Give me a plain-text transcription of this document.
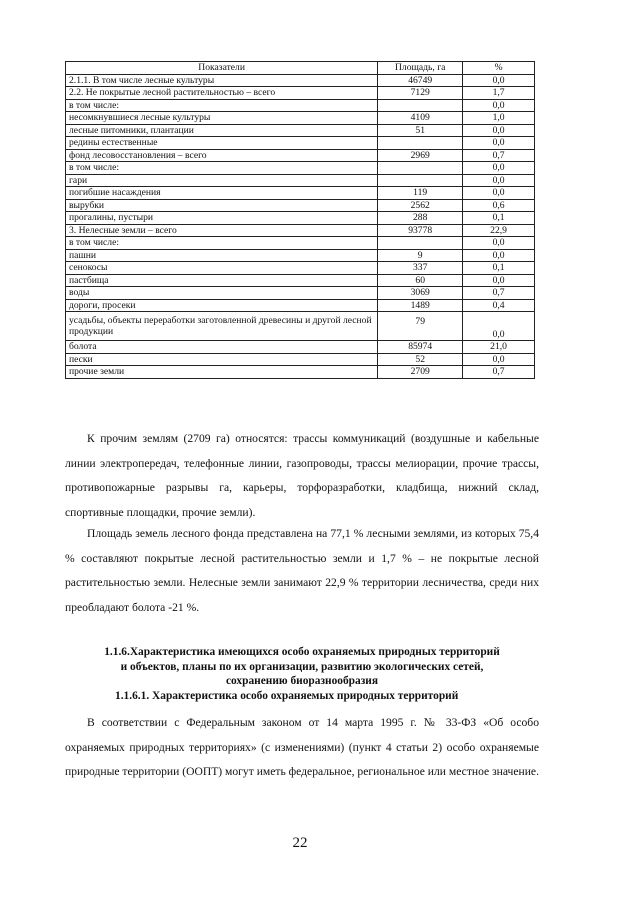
Показатели	Площадь, га	%
2.1.1. В том числе лесные культуры	46749	0,0
2.2. Не покрытые лесной растительностью – всего	7129	1,7
в том числе:		0,0
несомкнувшиеся лесные культуры	4109	1,0
лесные питомники, плантации	51	0,0
редины естественные		0,0
фонд лесовосстановления – всего	2969	0,7
в том числе:		0,0
гари		0,0
погибшие насаждения	119	0,0
вырубки	2562	0,6
прогалины, пустыри	288	0,1
3. Нелесные земли – всего	93778	22,9
в том числе:		0,0
пашни	9	0,0
сенокосы	337	0,1
пастбища	60	0,0
воды	3069	0,7
дороги, просеки	1489	0,4
усадьбы, объекты переработки заготовленной древесины и другой лесной продукции	79	0,0
болота	85974	21,0
пески	52	0,0
прочие земли	2709	0,7

К прочим землям (2709 га) относятся: трассы коммуникаций (воздушные и кабельные линии электропередач, телефонные линии, газопроводы, трассы мелиорации, прочие трассы, противопожарные разрывы га, карьеры, торфоразработки, кладбища, нижний склад, спортивные площадки, прочие земли).

Площадь земель лесного фонда представлена на 77,1 % лесными землями, из которых 75,4 % составляют покрытые лесной растительностью земли и 1,7 % – не покрытые лесной растительностью земли. Нелесные земли занимают 22,9 % территории лесничества, среди них преобладают болота -21 %.

1.1.6.Характеристика имеющихся особо охраняемых природных территорий
и объектов, планы по их организации, развитию экологических сетей,
сохранению биоразнообразия
1.1.6.1. Характеристика особо охраняемых природных территорий

В соответствии с Федеральным законом от 14 марта 1995 г. № 33-ФЗ «Об особо охраняемых природных территориях» (с изменениями) (пункт 4 статьи 2) особо охраняемые природные территории (ООПТ) могут иметь федеральное, региональное или местное значение.

22
